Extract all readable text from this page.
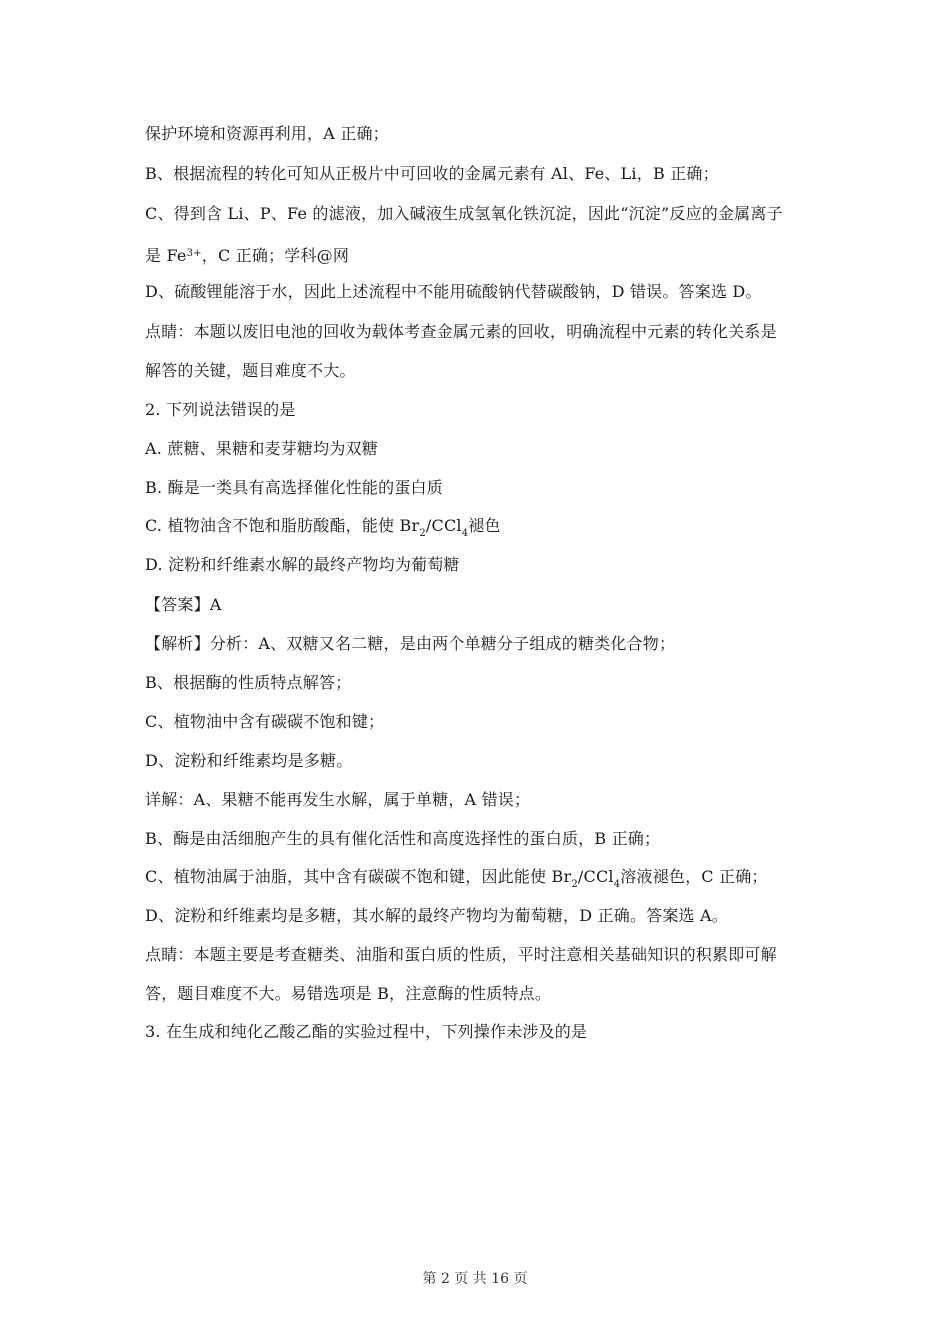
保护环境和资源再利用，A 正确；
B、根据流程的转化可知从正极片中可回收的金属元素有 Al、Fe、Li，B 正确；
C、得到含 Li、P、Fe 的滤液，加入碱液生成氢氧化铁沉淀，因此“沉淀”反应的金属离子
是 $Fe^{3+}$，C 正确；学科@网
D、硫酸锂能溶于水，因此上述流程中不能用硫酸钠代替碳酸钠，D 错误。答案选 D。
点睛：本题以废旧电池的回收为载体考查金属元素的回收，明确流程中元素的转化关系是
解答的关键，题目难度不大。
2. 下列说法错误的是
A. 蔗糖、果糖和麦芽糖均为双糖
B. 酶是一类具有高选择催化性能的蛋白质
C. 植物油含不饱和脂肪酸酯，能使 $Br_2/CCl_4$褪色
D. 淀粉和纤维素水解的最终产物均为葡萄糖
【答案】A
【解析】分析：A、双糖又名二糖，是由两个单糖分子组成的糖类化合物；
B、根据酶的性质特点解答；
C、植物油中含有碳碳不饱和键；
D、淀粉和纤维素均是多糖。
详解：A、果糖不能再发生水解，属于单糖，A 错误；
B、酶是由活细胞产生的具有催化活性和高度选择性的蛋白质，B 正确；
C、植物油属于油脂，其中含有碳碳不饱和键，因此能使 $Br_2/CCl_4$溶液褪色，C 正确；
D、淀粉和纤维素均是多糖，其水解的最终产物均为葡萄糖，D 正确。答案选 A。
点睛：本题主要是考查糖类、油脂和蛋白质的性质，平时注意相关基础知识的积累即可解
答，题目难度不大。易错选项是 B，注意酶的性质特点。
3. 在生成和纯化乙酸乙酯的实验过程中，下列操作未涉及的是
第 2 页 共 16 页
